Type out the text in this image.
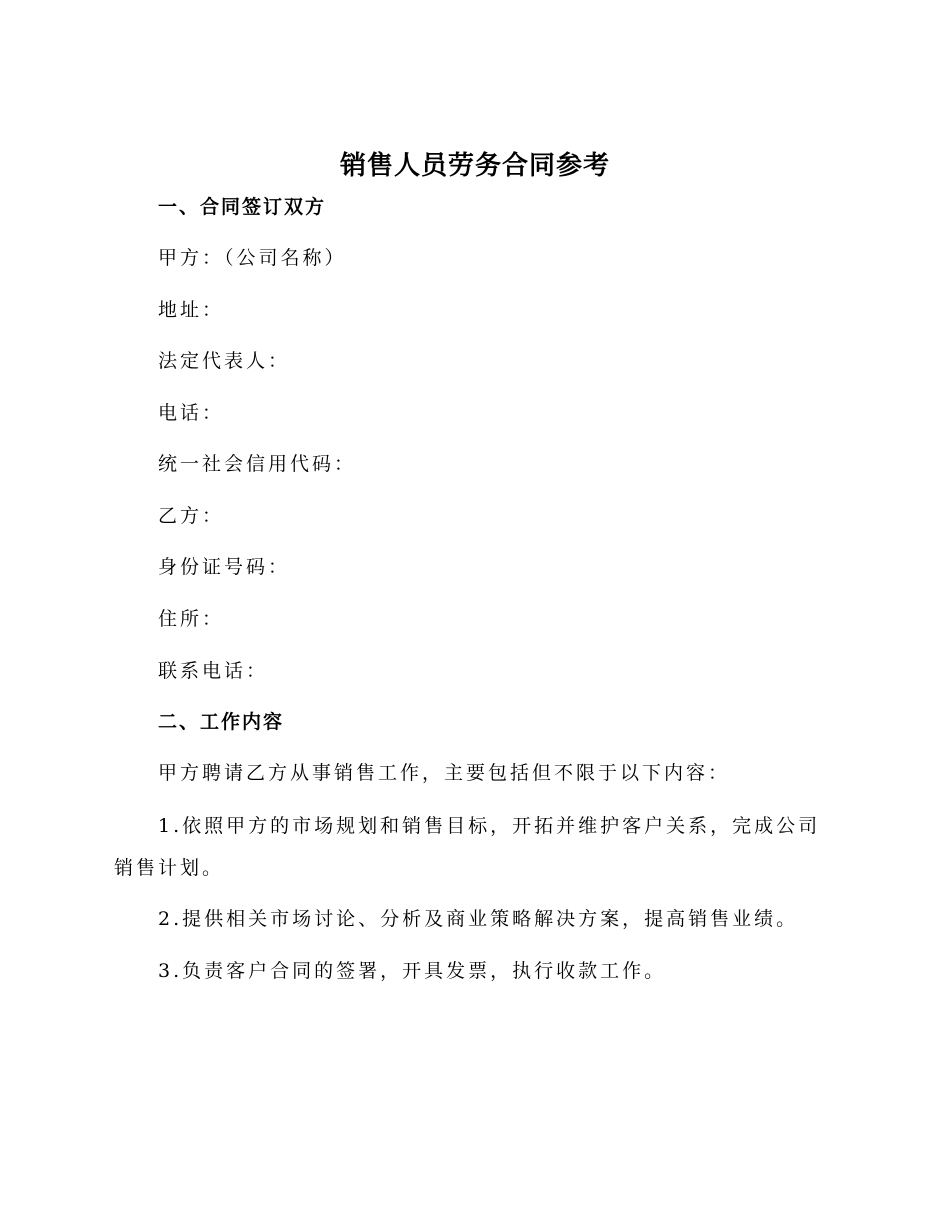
销售人员劳务合同参考
一、合同签订双方

甲方：（公司名称）

地址：

法定代表人：

电话：

统一社会信用代码：

乙方：

身份证号码：

住所：

联系电话：

二、工作内容

甲方聘请乙方从事销售工作，主要包括但不限于以下内容：

1.依照甲方的市场规划和销售目标，开拓并维护客户关系，完成公司销售计划。

2.提供相关市场讨论、分析及商业策略解决方案，提高销售业绩。

3.负责客户合同的签署，开具发票，执行收款工作。
